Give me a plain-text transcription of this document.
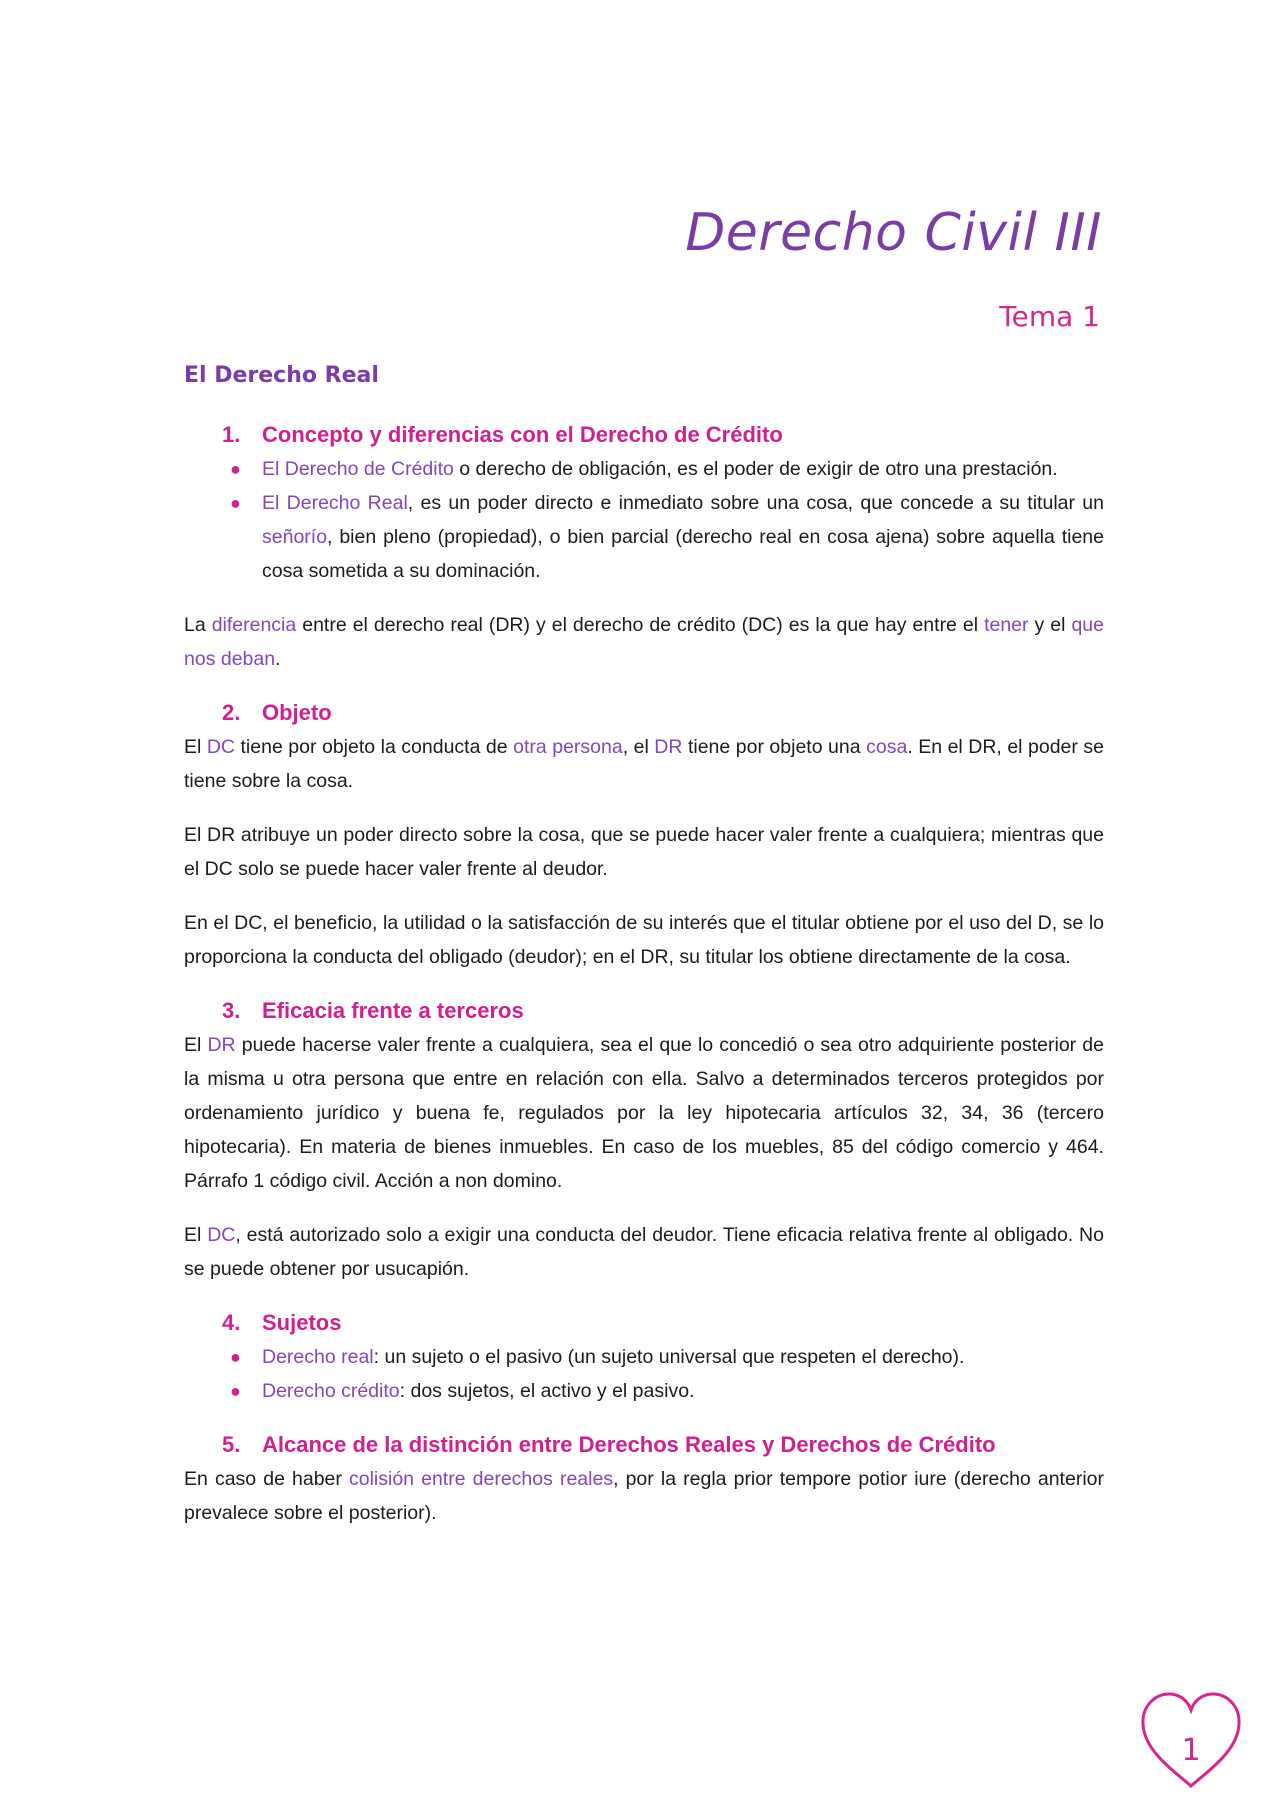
Derecho Civil III
Tema 1
El Derecho Real
1. Concepto y diferencias con el Derecho de Crédito
● El Derecho de Crédito o derecho de obligación, es el poder de exigir de otro una prestación.
● El Derecho Real, es un poder directo e inmediato sobre una cosa, que concede a su titular un señorío, bien pleno (propiedad), o bien parcial (derecho real en cosa ajena) sobre aquella tiene cosa sometida a su dominación.

La diferencia entre el derecho real (DR) y el derecho de crédito (DC) es la que hay entre el tener y el que nos deban.

2. Objeto

El DC tiene por objeto la conducta de otra persona, el DR tiene por objeto una cosa. En el DR, el poder se tiene sobre la cosa.

El DR atribuye un poder directo sobre la cosa, que se puede hacer valer frente a cualquiera; mientras que el DC solo se puede hacer valer frente al deudor.

En el DC, el beneficio, la utilidad o la satisfacción de su interés que el titular obtiene por el uso del D, se lo proporciona la conducta del obligado (deudor); en el DR, su titular los obtiene directamente de la cosa.

3. Eficacia frente a terceros

El DR puede hacerse valer frente a cualquiera, sea el que lo concedió o sea otro adquiriente posterior de la misma u otra persona que entre en relación con ella. Salvo a determinados terceros protegidos por ordenamiento jurídico y buena fe, regulados por la ley hipotecaria artículos 32, 34, 36 (tercero hipotecaria). En materia de bienes inmuebles. En caso de los muebles, 85 del código comercio y 464. Párrafo 1 código civil. Acción a non domino.

El DC, está autorizado solo a exigir una conducta del deudor. Tiene eficacia relativa frente al obligado. No se puede obtener por usucapión.

4. Sujetos
● Derecho real: un sujeto o el pasivo (un sujeto universal que respeten el derecho).
● Derecho crédito: dos sujetos, el activo y el pasivo.
5. Alcance de la distinción entre Derechos Reales y Derechos de Crédito

En caso de haber colisión entre derechos reales, por la regla prior tempore potior iure (derecho anterior prevalece sobre el posterior).

1
